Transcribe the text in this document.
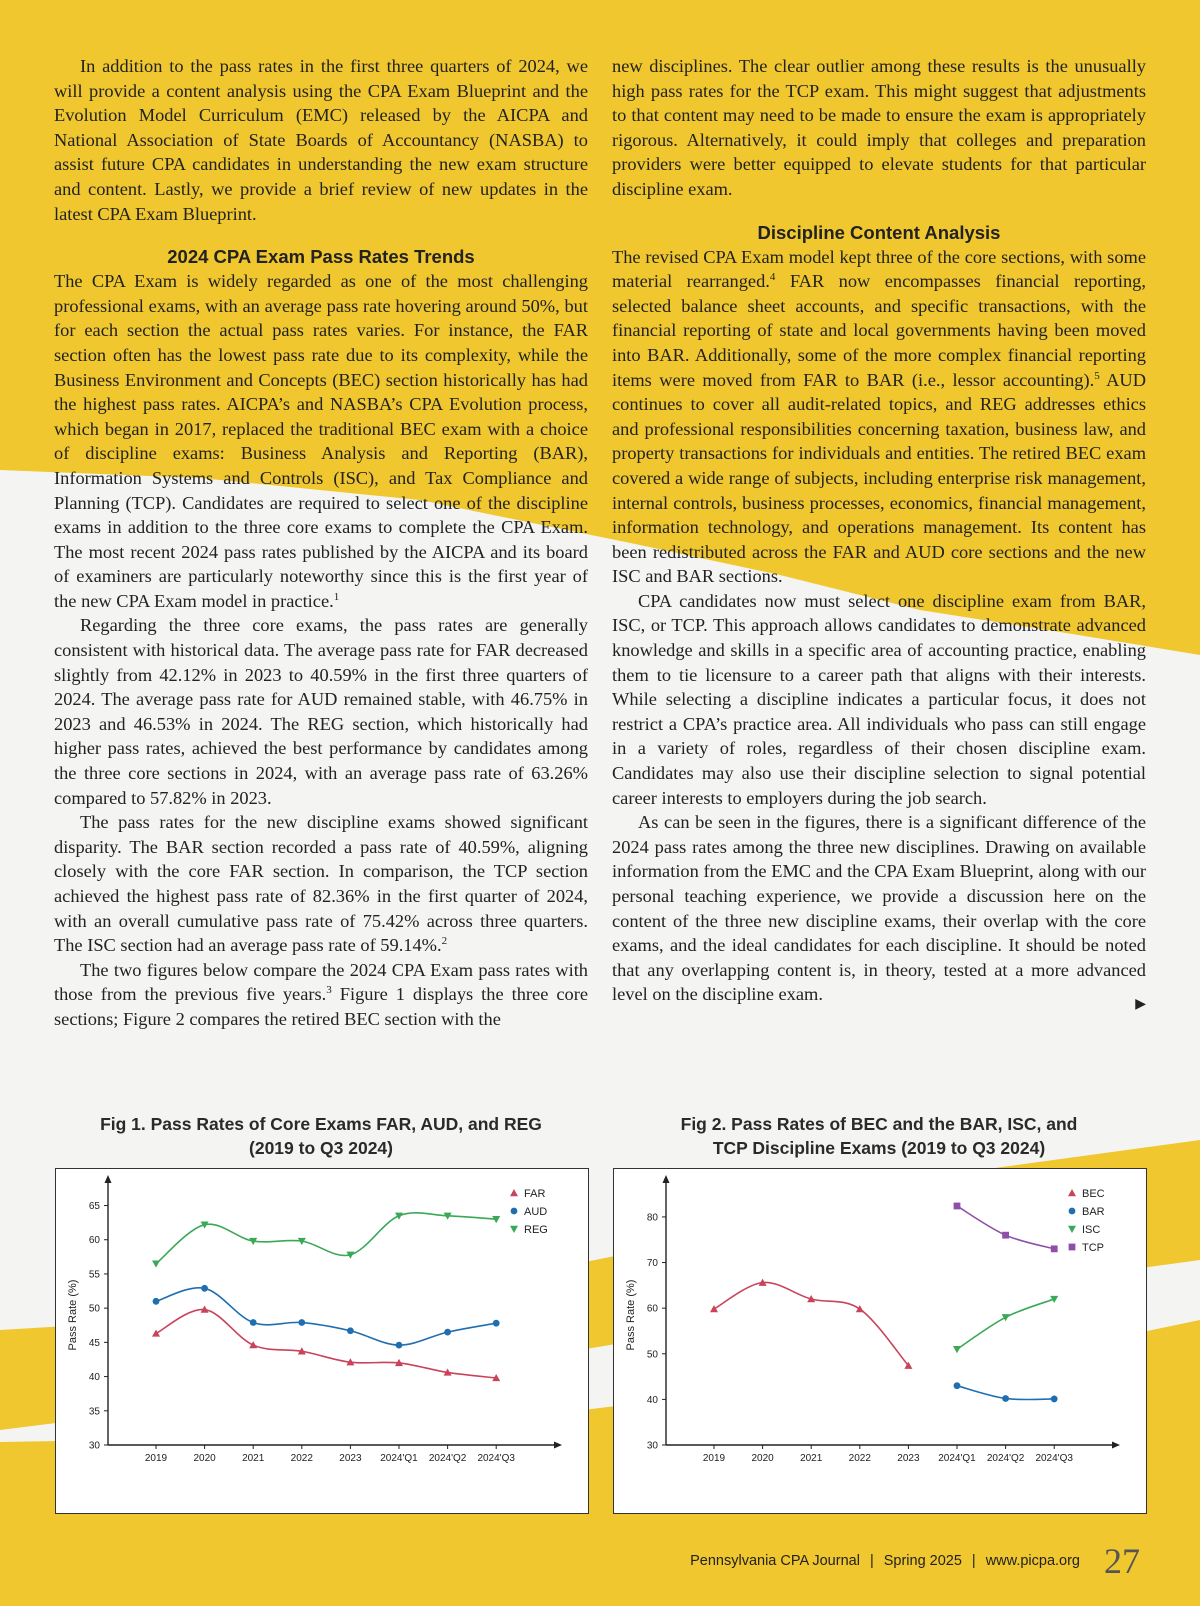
In addition to the pass rates in the first three quarters of 2024, we will provide a content analysis using the CPA Exam Blueprint and the Evolution Model Curriculum (EMC) released by the AICPA and National Association of State Boards of Accountancy (NASBA) to assist future CPA candidates in understanding the new exam structure and content. Lastly, we provide a brief review of new updates in the latest CPA Exam Blueprint.

2024 CPA Exam Pass Rates Trends

The CPA Exam is widely regarded as one of the most challenging professional exams, with an average pass rate hovering around 50%, but for each section the actual pass rates varies. For instance, the FAR section often has the lowest pass rate due to its complexity, while the Business Environment and Concepts (BEC) section historically has had the highest pass rates. AICPA’s and NASBA’s CPA Evolution process, which began in 2017, replaced the traditional BEC exam with a choice of discipline exams: Business Analysis and Reporting (BAR), Information Systems and Controls (ISC), and Tax Compliance and Planning (TCP). Candidates are required to select one of the discipline exams in addition to the three core exams to complete the CPA Exam. The most recent 2024 pass rates published by the AICPA and its board of examiners are particularly noteworthy since this is the first year of the new CPA Exam model in practice.$^1$

Regarding the three core exams, the pass rates are generally consistent with historical data. The average pass rate for FAR decreased slightly from 42.12% in 2023 to 40.59% in the first three quarters of 2024. The average pass rate for AUD remained stable, with 46.75% in 2023 and 46.53% in 2024. The REG section, which historically had higher pass rates, achieved the best performance by candidates among the three core sections in 2024, with an average pass rate of 63.26% compared to 57.82% in 2023.

The pass rates for the new discipline exams showed significant disparity. The BAR section recorded a pass rate of 40.59%, aligning closely with the core FAR section. In comparison, the TCP section achieved the highest pass rate of 82.36% in the first quarter of 2024, with an overall cumulative pass rate of 75.42% across three quarters. The ISC section had an average pass rate of 59.14%.$^2$

The two figures below compare the 2024 CPA Exam pass rates with those from the previous five years.$^3$ Figure 1 displays the three core sections; Figure 2 compares the retired BEC section with the

new disciplines. The clear outlier among these results is the unusually high pass rates for the TCP exam. This might suggest that adjustments to that content may need to be made to ensure the exam is appropriately rigorous. Alternatively, it could imply that colleges and preparation providers were better equipped to elevate students for that particular discipline exam.

Discipline Content Analysis

The revised CPA Exam model kept three of the core sections, with some material rearranged.$^4$ FAR now encompasses financial reporting, selected balance sheet accounts, and specific transactions, with the financial reporting of state and local governments having been moved into BAR. Additionally, some of the more complex financial reporting items were moved from FAR to BAR (i.e., lessor accounting).$^5$ AUD continues to cover all audit-related topics, and REG addresses ethics and professional responsibilities concerning taxation, business law, and property transactions for individuals and entities. The retired BEC exam covered a wide range of subjects, including enterprise risk management, internal controls, business processes, economics, financial management, information technology, and operations management. Its content has been redistributed across the FAR and AUD core sections and the new ISC and BAR sections.

CPA candidates now must select one discipline exam from BAR, ISC, or TCP. This approach allows candidates to demonstrate advanced knowledge and skills in a specific area of accounting practice, enabling them to tie licensure to a career path that aligns with their interests. While selecting a discipline indicates a particular focus, it does not restrict a CPA’s practice area. All individuals who pass can still engage in a variety of roles, regardless of their chosen discipline exam. Candidates may also use their discipline selection to signal potential career interests to employers during the job search.

As can be seen in the figures, there is a significant difference of the 2024 pass rates among the three new disciplines. Drawing on available information from the EMC and the CPA Exam Blueprint, along with our personal teaching experience, we provide a discussion here on the content of the three new discipline exams, their overlap with the core exams, and the ideal candidates for each discipline. It should be noted that any overlapping content is, in theory, tested at a more advanced level on the discipline exam.	▶
Fig 1. Pass Rates of Core Exams FAR, AUD, and REG
(2019 to Q3 2024)
Fig 2. Pass Rates of BEC and the BAR, ISC, and
TCP Discipline Exams (2019 to Q3 2024)
30
35
40
45
50
55
60
65
2019	2020	2021	2022	2023 2024'Q1 2024'Q2 2024'Q3
Pass Rate (%)
FAR
AUD
REG
30
40
50
60
70
80
2019	2020	2021	2022	2023 2024'Q1 2024'Q2 2024'Q3
Pass Rate (%)
BEC
BAR
ISC
TCP
Pennsylvania CPA Journal | Spring 2025 | www.picpa.org 27
